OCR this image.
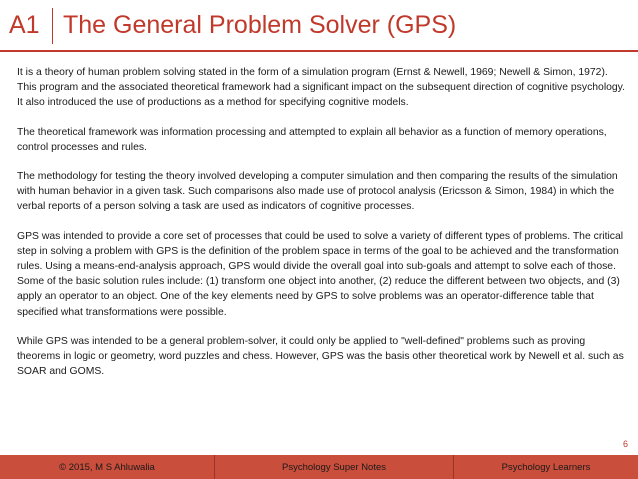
A1 The General Problem Solver (GPS)

It is a theory of human problem solving stated in the form of a simulation program (Ernst & Newell, 1969; Newell & Simon, 1972). This program and the associated theoretical framework had a significant impact on the subsequent direction of cognitive psychology. It also introduced the use of productions as a method for specifying cognitive models.

The theoretical framework was information processing and attempted to explain all behavior as a function of memory operations, control processes and rules.

The methodology for testing the theory involved developing a computer simulation and then comparing the results of the simulation with human behavior in a given task. Such comparisons also made use of protocol analysis (Ericsson & Simon, 1984) in which the verbal reports of a person solving a task are used as indicators of cognitive processes.

GPS was intended to provide a core set of processes that could be used to solve a variety of different types of problems. The critical step in solving a problem with GPS is the definition of the problem space in terms of the goal to be achieved and the transformation rules. Using a means-end-analysis approach, GPS would divide the overall goal into sub-goals and attempt to solve each of those. Some of the basic solution rules include: (1) transform one object into another, (2) reduce the different between two objects, and (3) apply an operator to an object. One of the key elements need by GPS to solve problems was an operator-difference table that specified what transformations were possible.

While GPS was intended to be a general problem-solver, it could only be applied to "well-defined" problems such as proving theorems in logic or geometry, word puzzles and chess. However, GPS was the basis other theoretical work by Newell et al. such as SOAR and GOMS.

6
© 2015, M S Ahluwalia	Psychology Super Notes	Psychology Learners
